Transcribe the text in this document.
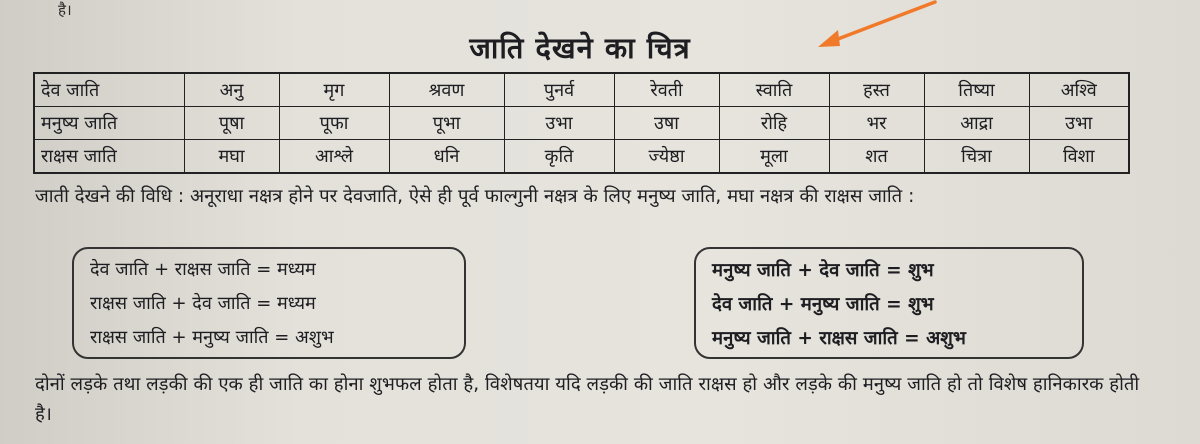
है।
जाति देखने का चित्र
देव जाति	अनु	मृग	श्रवण	पुनर्व	रेवती	स्वाति	हस्त	तिष्या	अश्वि
मनुष्य जाति	पूषा	पूफा	पूभा	उभा	उषा	रोहि	भर	आद्रा	उभा
राक्षस जाति	मघा	आश्ले	धनि	कृति	ज्येष्ठा	मूला	शत	चित्रा	विशा
जाती देखने की विधि : अनूराधा नक्षत्र होने पर देवजाति, ऐसे ही पूर्व फाल्गुनी नक्षत्र के लिए मनुष्य जाति, मघा नक्षत्र की राक्षस जाति :
देव जाति + राक्षस जाति = मध्यम
राक्षस जाति + देव जाति = मध्यम
राक्षस जाति + मनुष्य जाति = अशुभ
मनुष्य जाति + देव जाति = शुभ
देव जाति + मनुष्य जाति = शुभ
मनुष्य जाति + राक्षस जाति = अशुभ
दोनों लड़के तथा लड़की की एक ही जाति का होना शुभफल होता है, विशेषतया यदि लड़की की जाति राक्षस हो और लड़के की मनुष्य जाति हो तो विशेष हानिकारक होती है।
